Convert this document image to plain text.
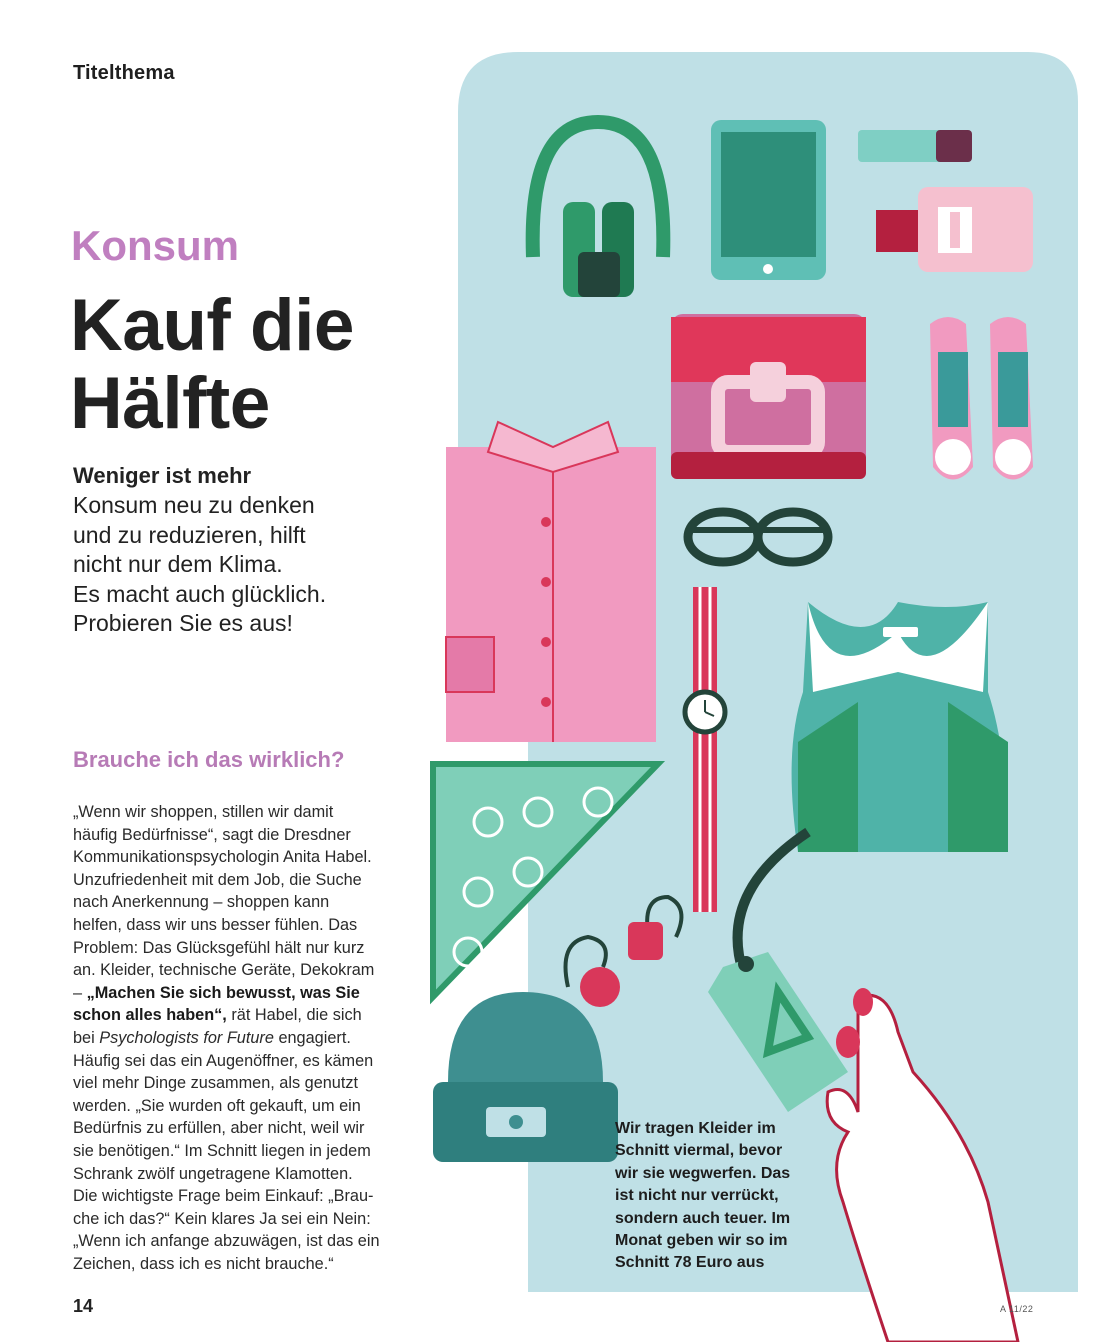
Titelthema
Konsum
Kauf die
Hälfte
Weniger ist mehr
Konsum neu zu denken
und zu reduzieren, hilft
nicht nur dem Klima.
Es macht auch glücklich.
Probieren Sie es aus!
Brauche ich das wirklich?
„Wenn wir shoppen, stillen wir damit
häufig Bedürfnisse“, sagt die Dresdner
Kommunikationspsychologin Anita Habel.
Unzufriedenheit mit dem Job, die Suche
nach Anerkennung – shoppen kann
helfen, dass wir uns besser fühlen. Das
Problem: Das Glücksgefühl hält nur kurz
an. Kleider, technische Geräte, Dekokram
– „Machen Sie sich bewusst, was Sie
schon alles haben“, rät Habel, die sich
bei Psychologists for Future engagiert.
Häufig sei das ein Augenöffner, es kämen
viel mehr Dinge zusammen, als genutzt
werden. „Sie wurden oft gekauft, um ein
Bedürfnis zu erfüllen, aber nicht, weil wir
sie benötigen.“ Im Schnitt liegen in jedem
Schrank zwölf ungetragene Klamotten.
Die wichtigste Frage beim Einkauf: „Brau-
che ich das?“ Kein klares Ja sei ein Nein:
„Wenn ich anfange abzuwägen, ist das ein
Zeichen, dass ich es nicht brauche.“
Wir tragen Kleider im
Schnitt viermal, bevor
wir sie wegwerfen. Das
ist nicht nur verrückt,
sondern auch teuer. Im
Monat geben wir so im
Schnitt 78 Euro aus
14	A 11/22
